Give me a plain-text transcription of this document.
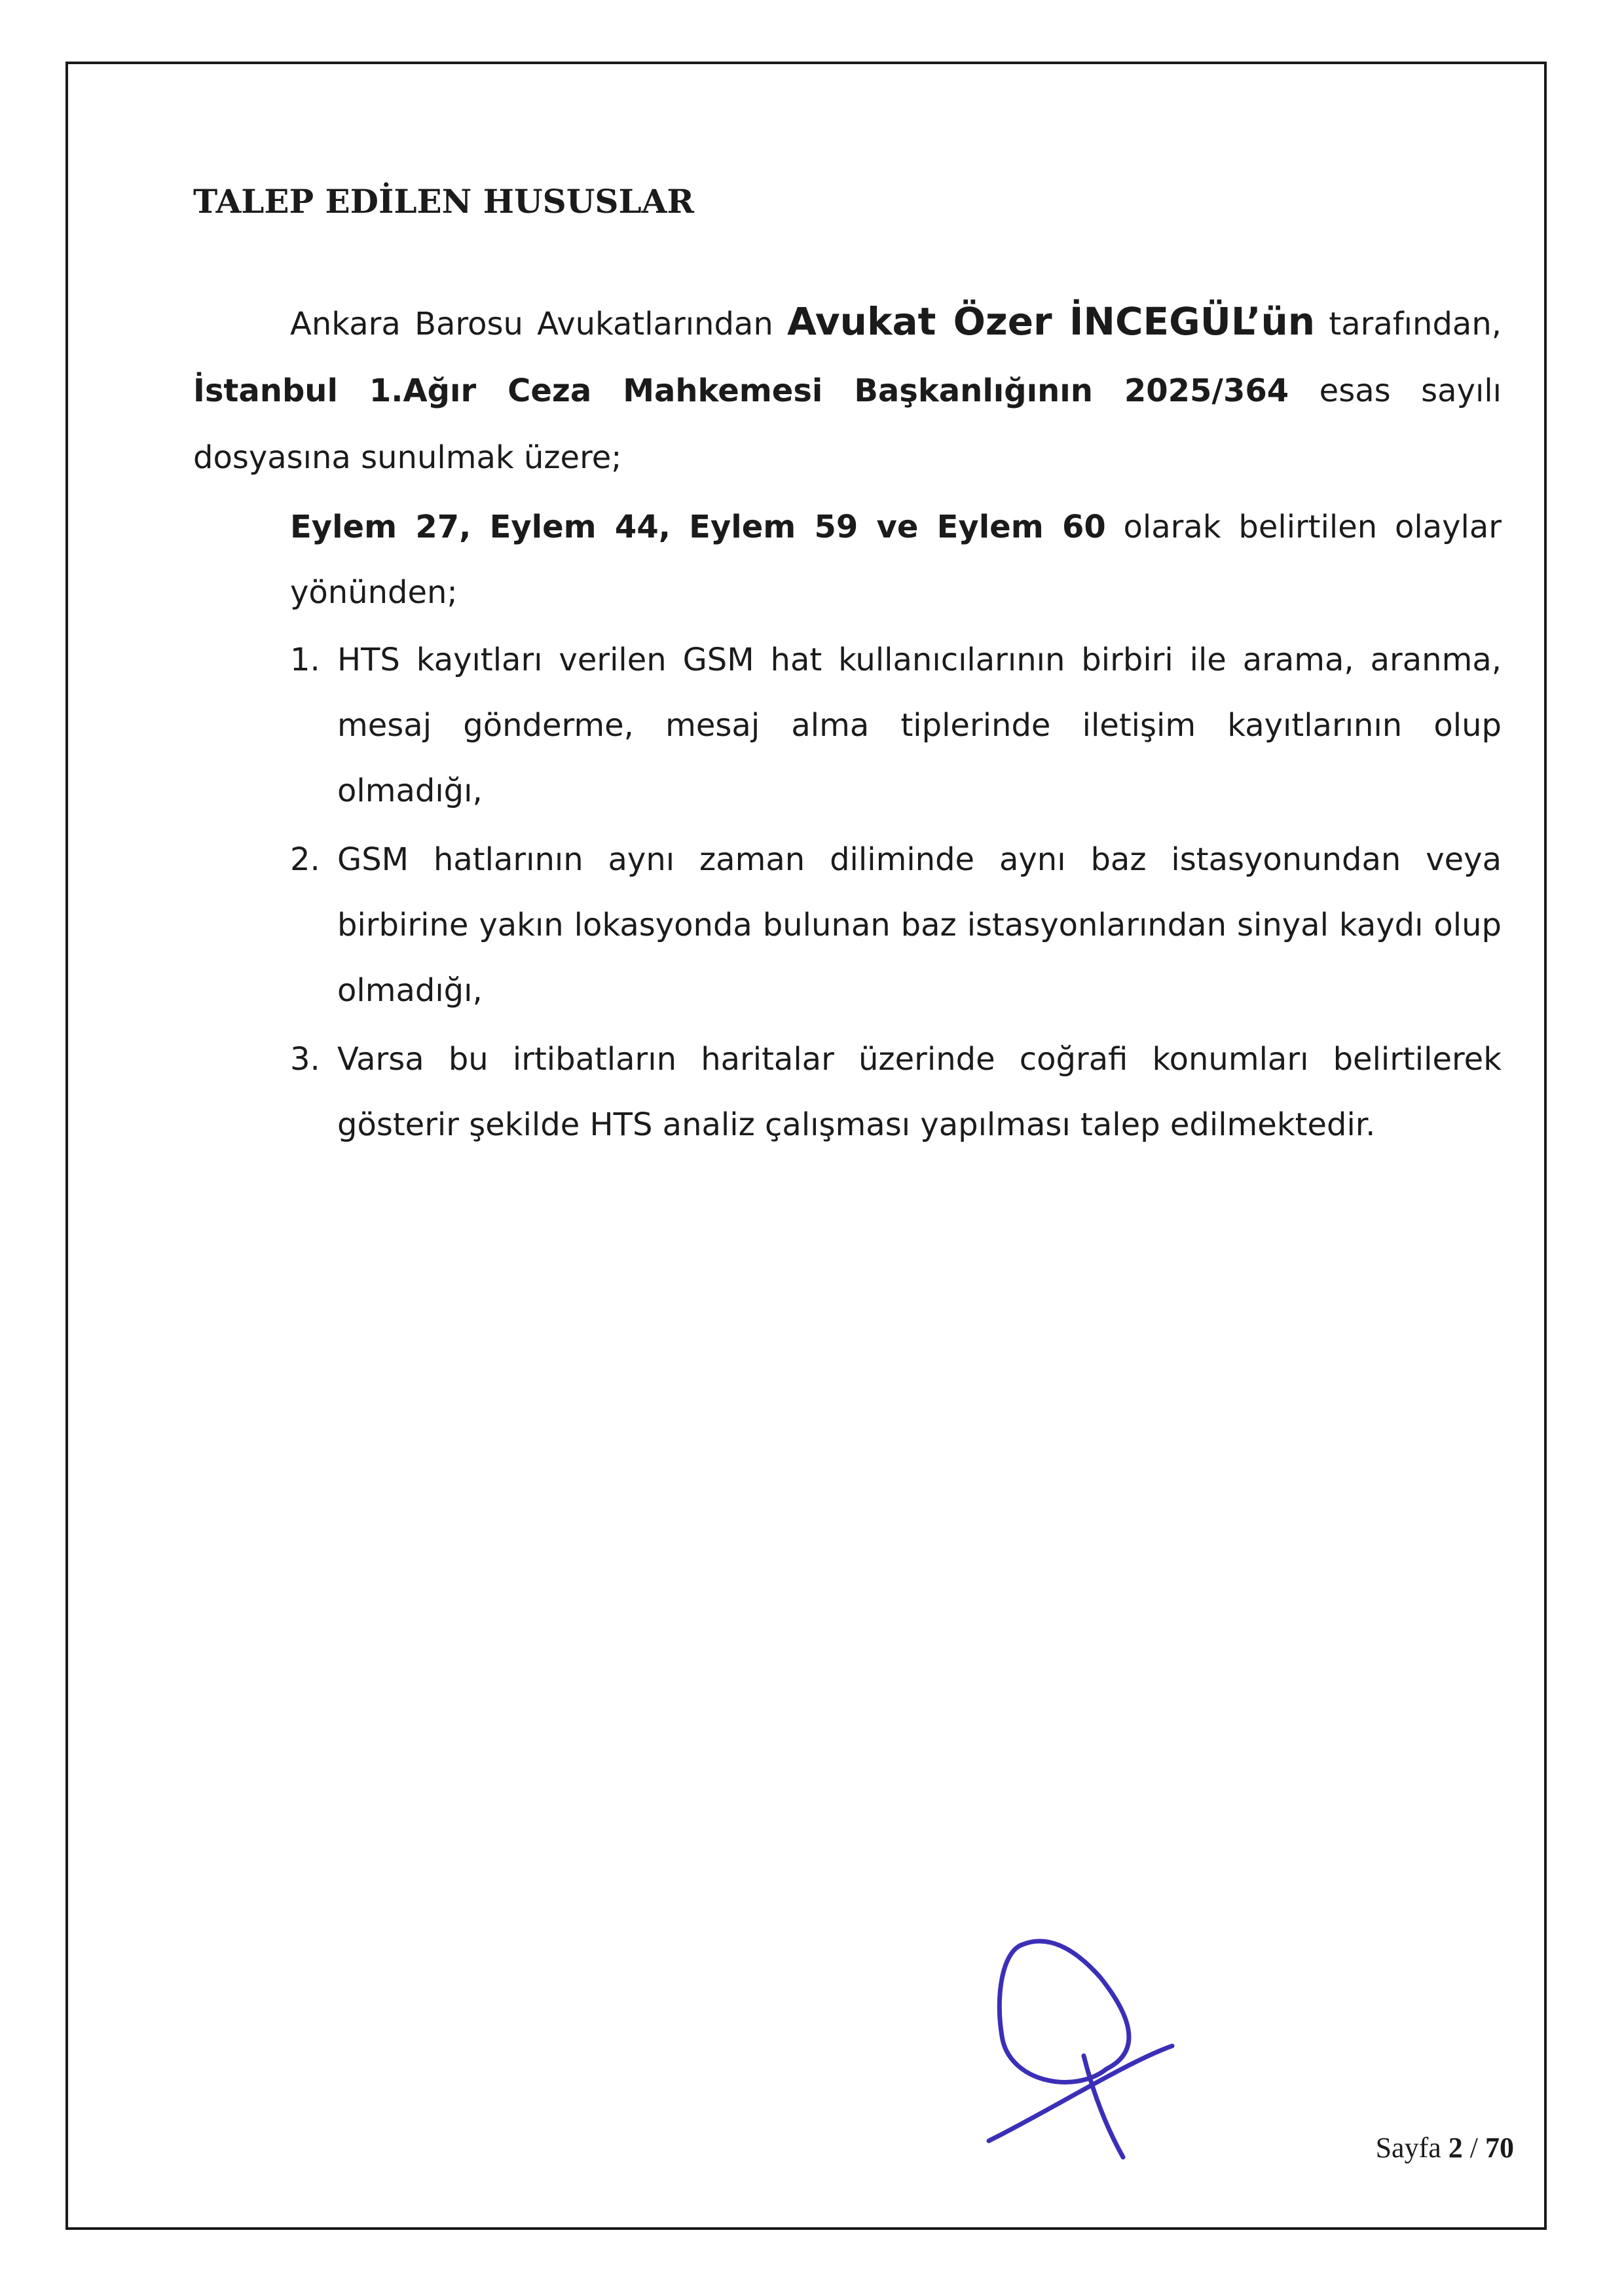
TALEP EDİLEN HUSUSLAR

Ankara Barosu Avukatlarından Avukat Özer İNCEGÜL’ün tarafından, İstanbul 1.Ağır Ceza Mahkemesi Başkanlığının 2025/364 esas sayılı dosyasına sunulmak üzere;

Eylem 27, Eylem 44, Eylem 59 ve Eylem 60 olarak belirtilen olaylar yönünden;

1. HTS kayıtları verilen GSM hat kullanıcılarının birbiri ile arama, aranma, mesaj gönderme, mesaj alma tiplerinde iletişim kayıtlarının olup olmadığı,
2. GSM hatlarının aynı zaman diliminde aynı baz istasyonundan veya birbirine yakın lokasyonda bulunan baz istasyonlarından sinyal kaydı olup olmadığı,
3. Varsa bu irtibatların haritalar üzerinde coğrafi konumları belirtilerek gösterir şekilde HTS analiz çalışması yapılması talep edilmektedir.
Sayfa 2 / 70
